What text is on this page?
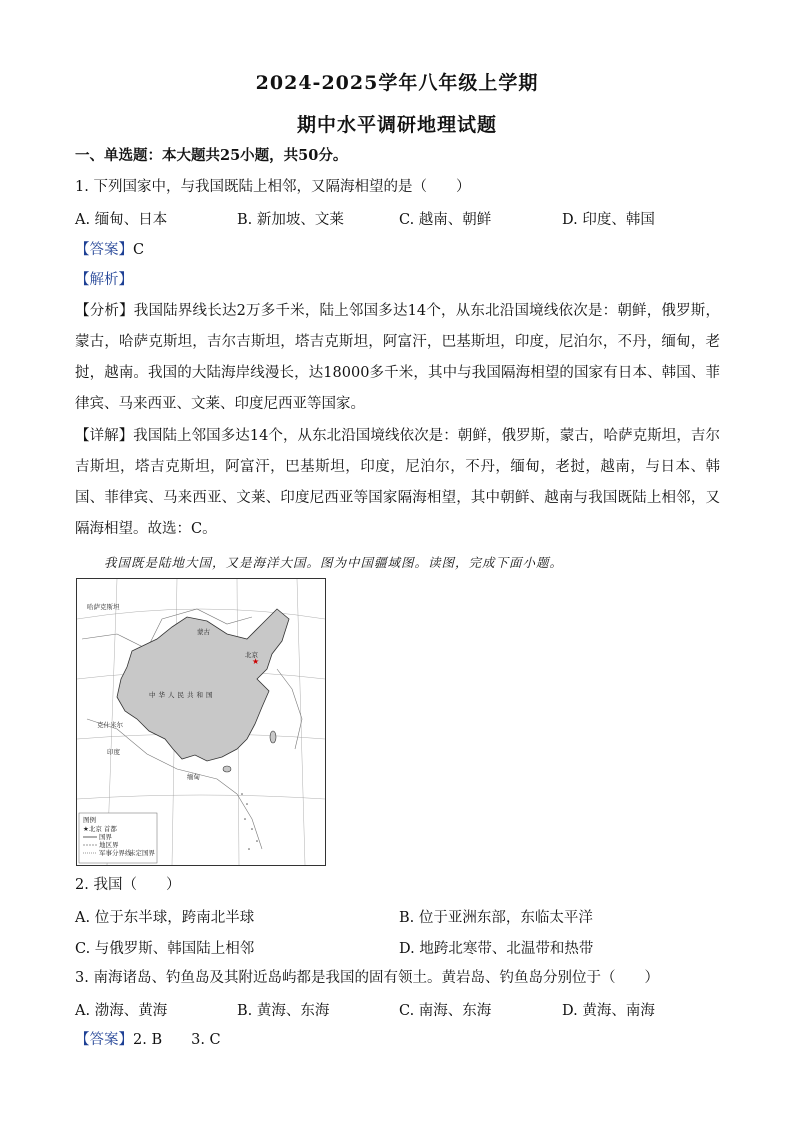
2024-2025学年八年级上学期
期中水平调研地理试题
一、单选题：本大题共25小题，共50分。
1. 下列国家中，与我国既陆上相邻，又隔海相望的是（　　）
A. 缅甸、日本	B. 新加坡、文莱	C. 越南、朝鲜	D. 印度、韩国
【答案】C
【解析】
【分析】我国陆界线长达2万多千米，陆上邻国多达14个，从东北沿国境线依次是：朝鲜，俄罗斯，蒙古，哈萨克斯坦，吉尔吉斯坦，塔吉克斯坦，阿富汗，巴基斯坦，印度，尼泊尔，不丹，缅甸，老挝，越南。我国的大陆海岸线漫长，达18000多千米，其中与我国隔海相望的国家有日本、韩国、菲律宾、马来西亚、文莱、印度尼西亚等国家。
【详解】我国陆上邻国多达14个，从东北沿国境线依次是：朝鲜，俄罗斯，蒙古，哈萨克斯坦，吉尔吉斯坦，塔吉克斯坦，阿富汗，巴基斯坦，印度，尼泊尔，不丹，缅甸，老挝，越南，与日本、韩国、菲律宾、马来西亚、文莱、印度尼西亚等国家隔海相望，其中朝鲜、越南与我国既陆上相邻，又隔海相望。故选：C。
我国既是陆地大国，又是海洋大国。图为中国疆域图。读图，完成下面小题。
★
北京
哈萨克斯坦
蒙古
中华人民共和国
克什米尔
印度
缅甸
图例
★北京 首都
国界
地区界
军事分界线
未定国界
2. 我国（　　）
A. 位于东半球，跨南北半球	B. 位于亚洲东部，东临太平洋
C. 与俄罗斯、韩国陆上相邻	D. 地跨北寒带、北温带和热带
3. 南海诸岛、钓鱼岛及其附近岛屿都是我国的固有领土。黄岩岛、钓鱼岛分别位于（　　）
A. 渤海、黄海	B. 黄海、东海	C. 南海、东海	D. 黄海、南海
【答案】2. B　　3. C
